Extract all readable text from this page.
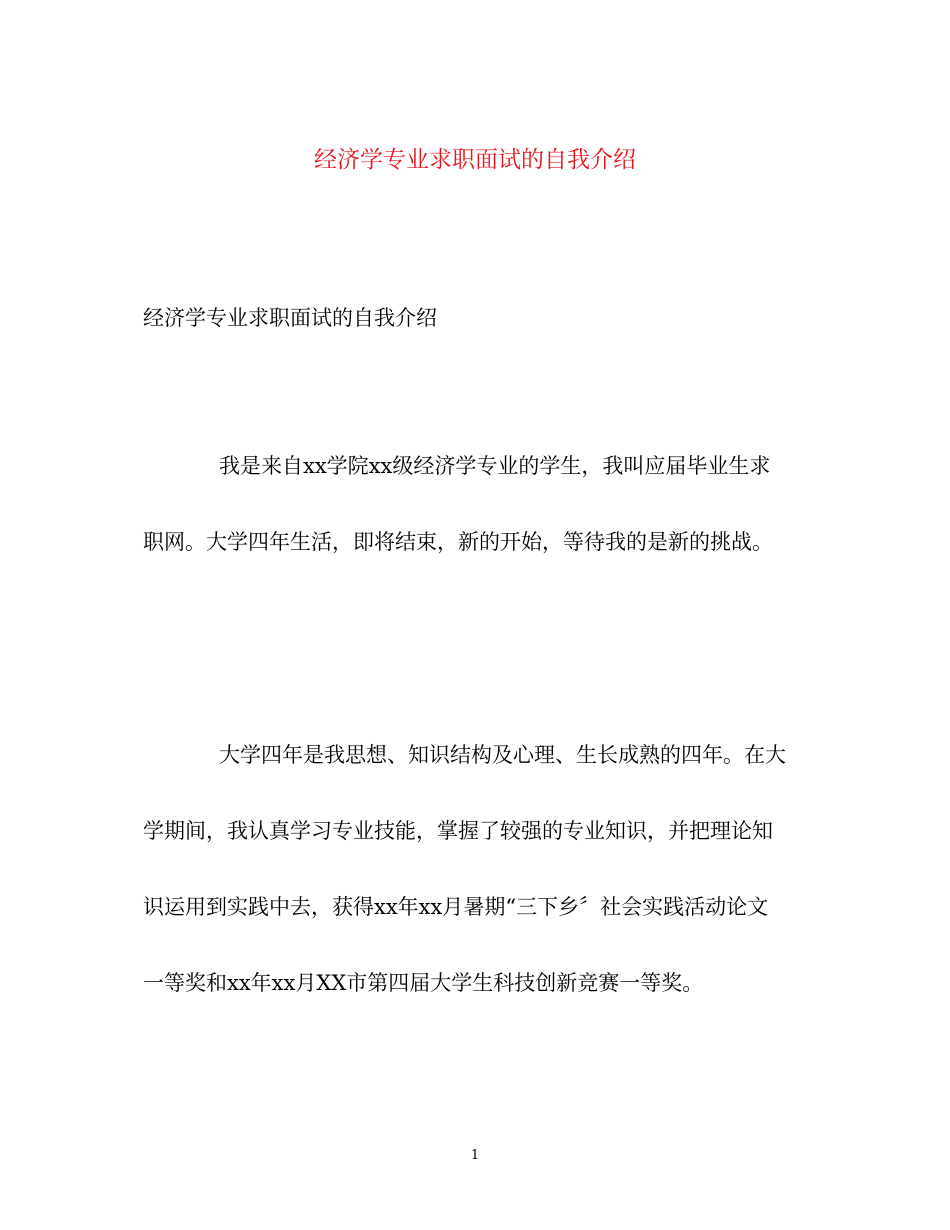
经济学专业求职面试的自我介绍

经济学专业求职面试的自我介绍

我是来自xx学院xx级经济学专业的学生，我叫应届毕业生求
职网。大学四年生活，即将结束，新的开始，等待我的是新的挑战。
大学四年是我思想、知识结构及心理、生长成熟的四年。在大
学期间，我认真学习专业技能，掌握了较强的专业知识，并把理论知
识运用到实践中去，获得xx年xx月暑期“三下乡〞社会实践活动论文
一等奖和xx年xx月XX市第四届大学生科技创新竞赛一等奖。
1
